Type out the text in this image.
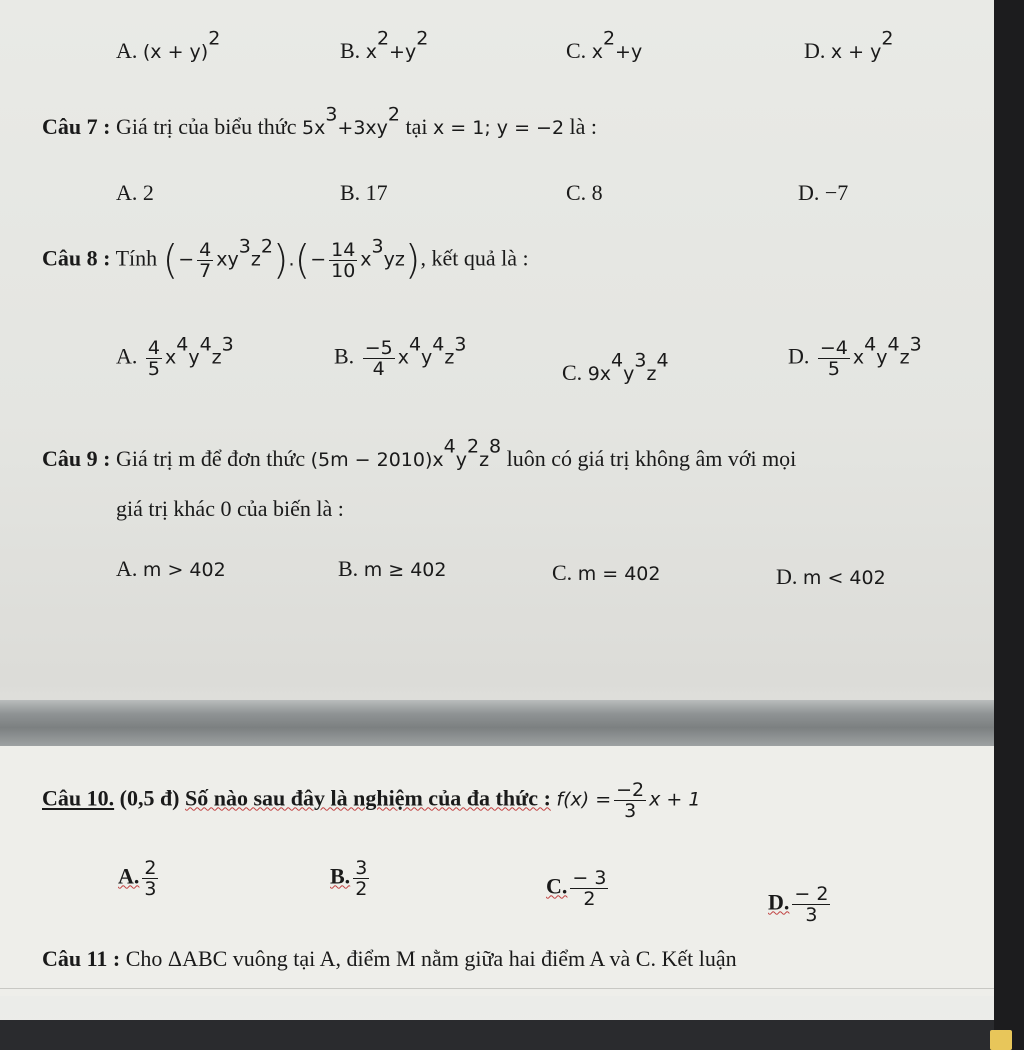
A. $(x + y)^2$	B. $x^2+y^2$	C. $x^2+y$	D. $x + y^2$
Câu 7 : Giá trị của biểu thức $5x^3+3xy^2$ tại x = 1; y = −2 là :
A. 2	B. 17	C. 8	D. −7
Câu 8 : Tính (− $\frac{4}{7} xy^3z^2).(- \frac{14}{10} x^3yz)$, kết quả là :
A. $\frac{4}{5} x^4y^4z^3$	B. $\frac{-5}{4} x^4y^4z^3$
C. $9x^4y^3z^4$	D. $\frac{-4}{5} x^4y^4z^3$
Câu 9 : Giá trị m để đơn thức $(5m - 2010)x^4y^2z^8$ luôn có giá trị không âm với mọi
giá trị khác 0 của biến là :
A. m > 402	B. m ≥ 402	C. m = 402	D. m < 402
Câu 10. (0,5 đ) Số nào sau đây là nghiệm của đa thức : $f(x) = \frac{-2}{3}$ x + 1
A. $\frac{2}{3}$	B. $\frac{3}{2}$	C. $\frac{- 3}{2}$	D. $\frac{- 2}{3}$
Câu 11 : Cho ΔABC vuông tại A, điểm M nằm giữa hai điểm A và C. Kết luận
